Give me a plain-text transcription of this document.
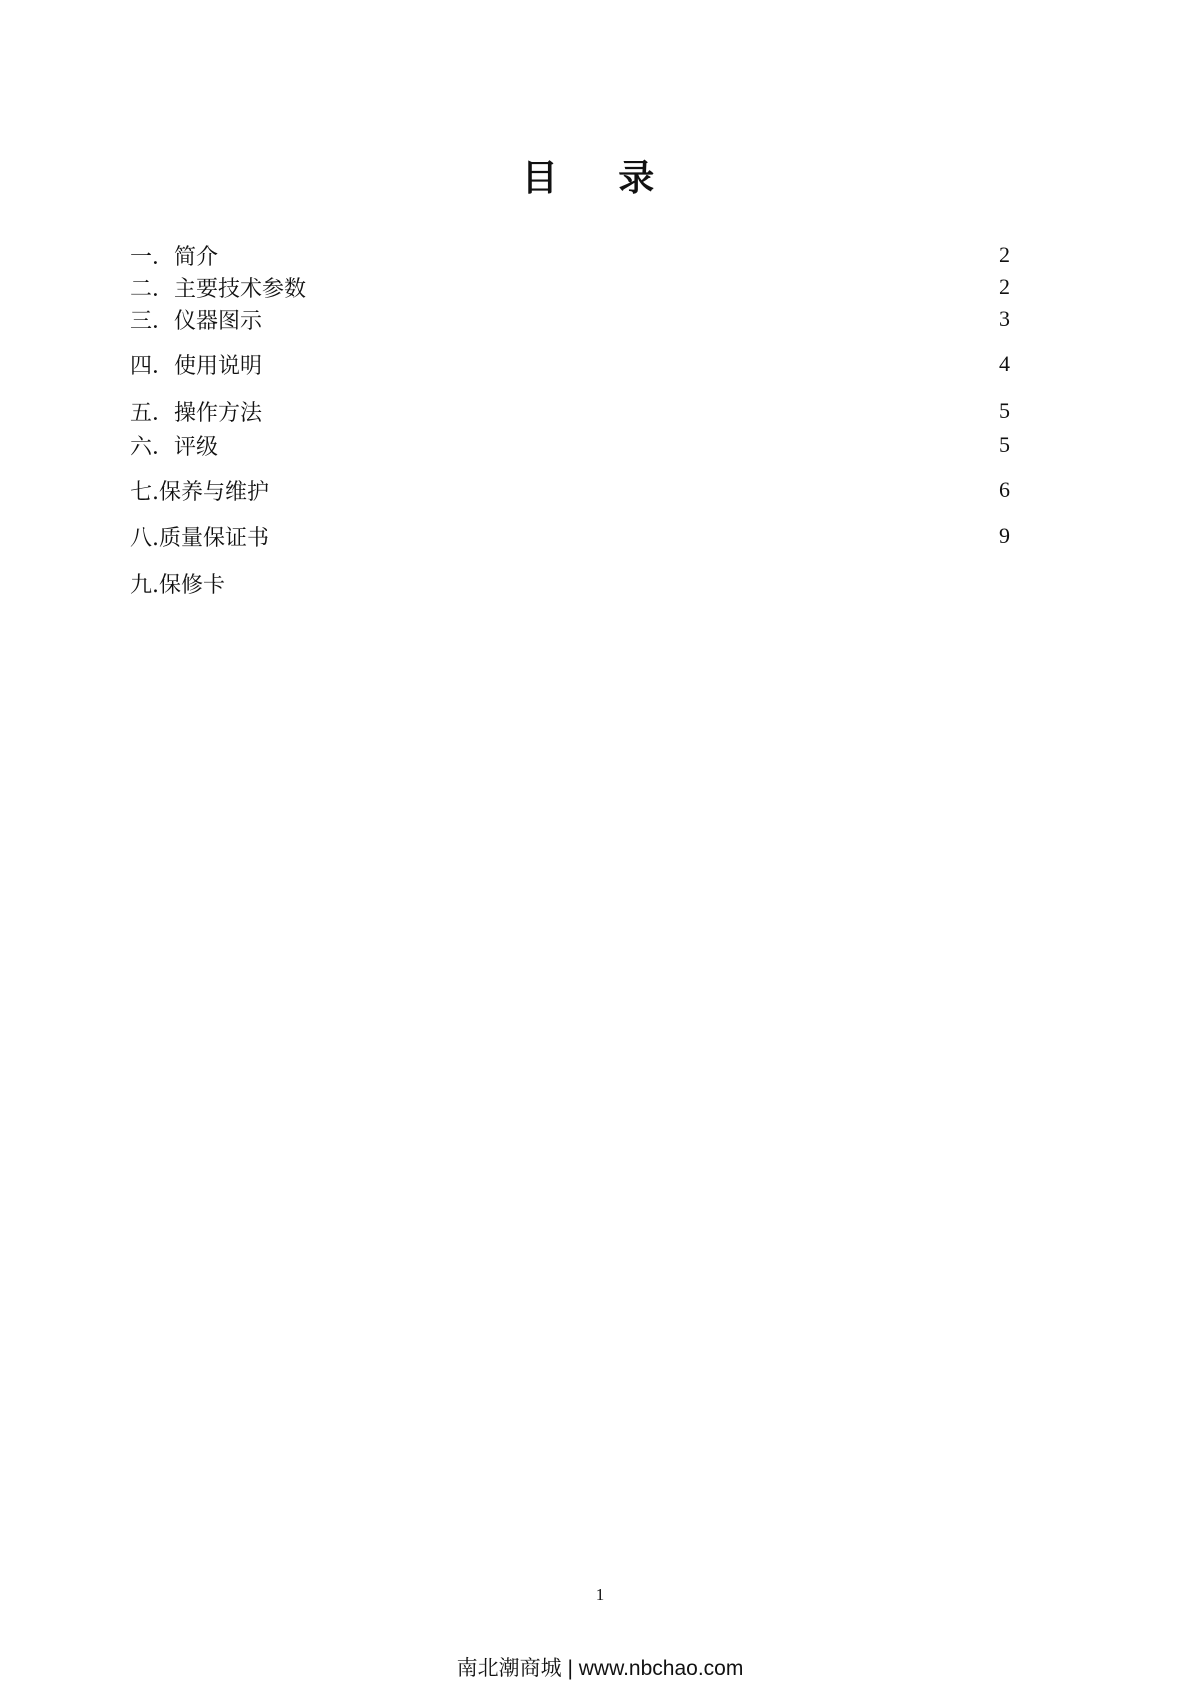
目 录
一．简介	2
二．主要技术参数	2
三．仪器图示	3
四．使用说明	4
五．操作方法	5
六．评级	5
七.保养与维护	6
八.质量保证书	9
九.保修卡
1
南北潮商城 | www.nbchao.com
